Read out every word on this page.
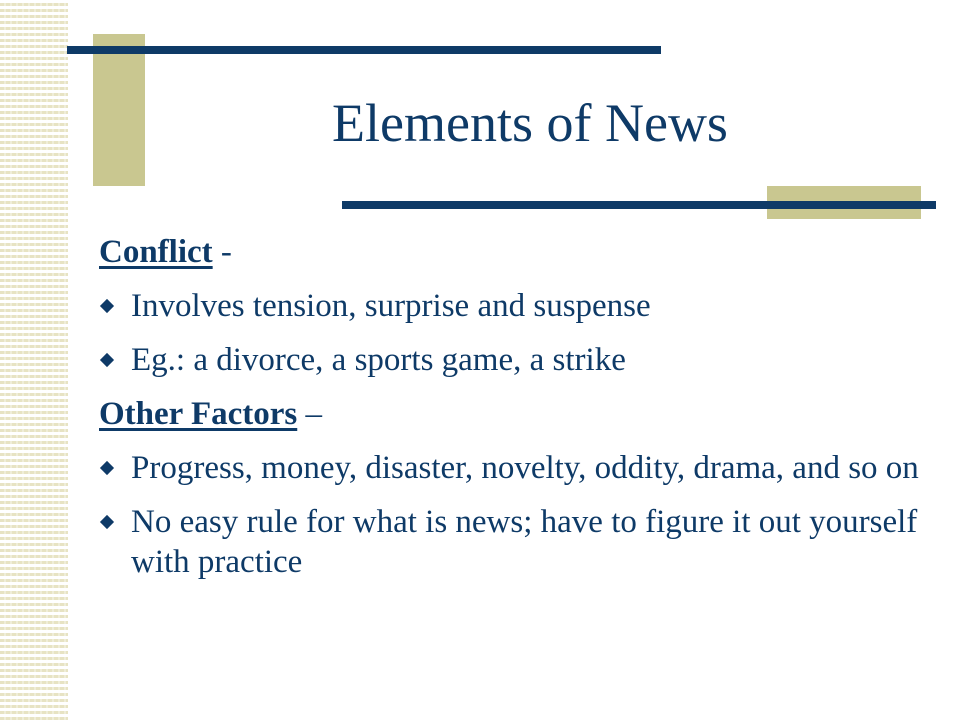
Elements of News
Conflict -
Involves tension, surprise and suspense
Eg.: a divorce, a sports game, a strike
Other Factors –
Progress, money, disaster, novelty, oddity, drama, and so on
No easy rule for what is news; have to figure it out yourself with practice
